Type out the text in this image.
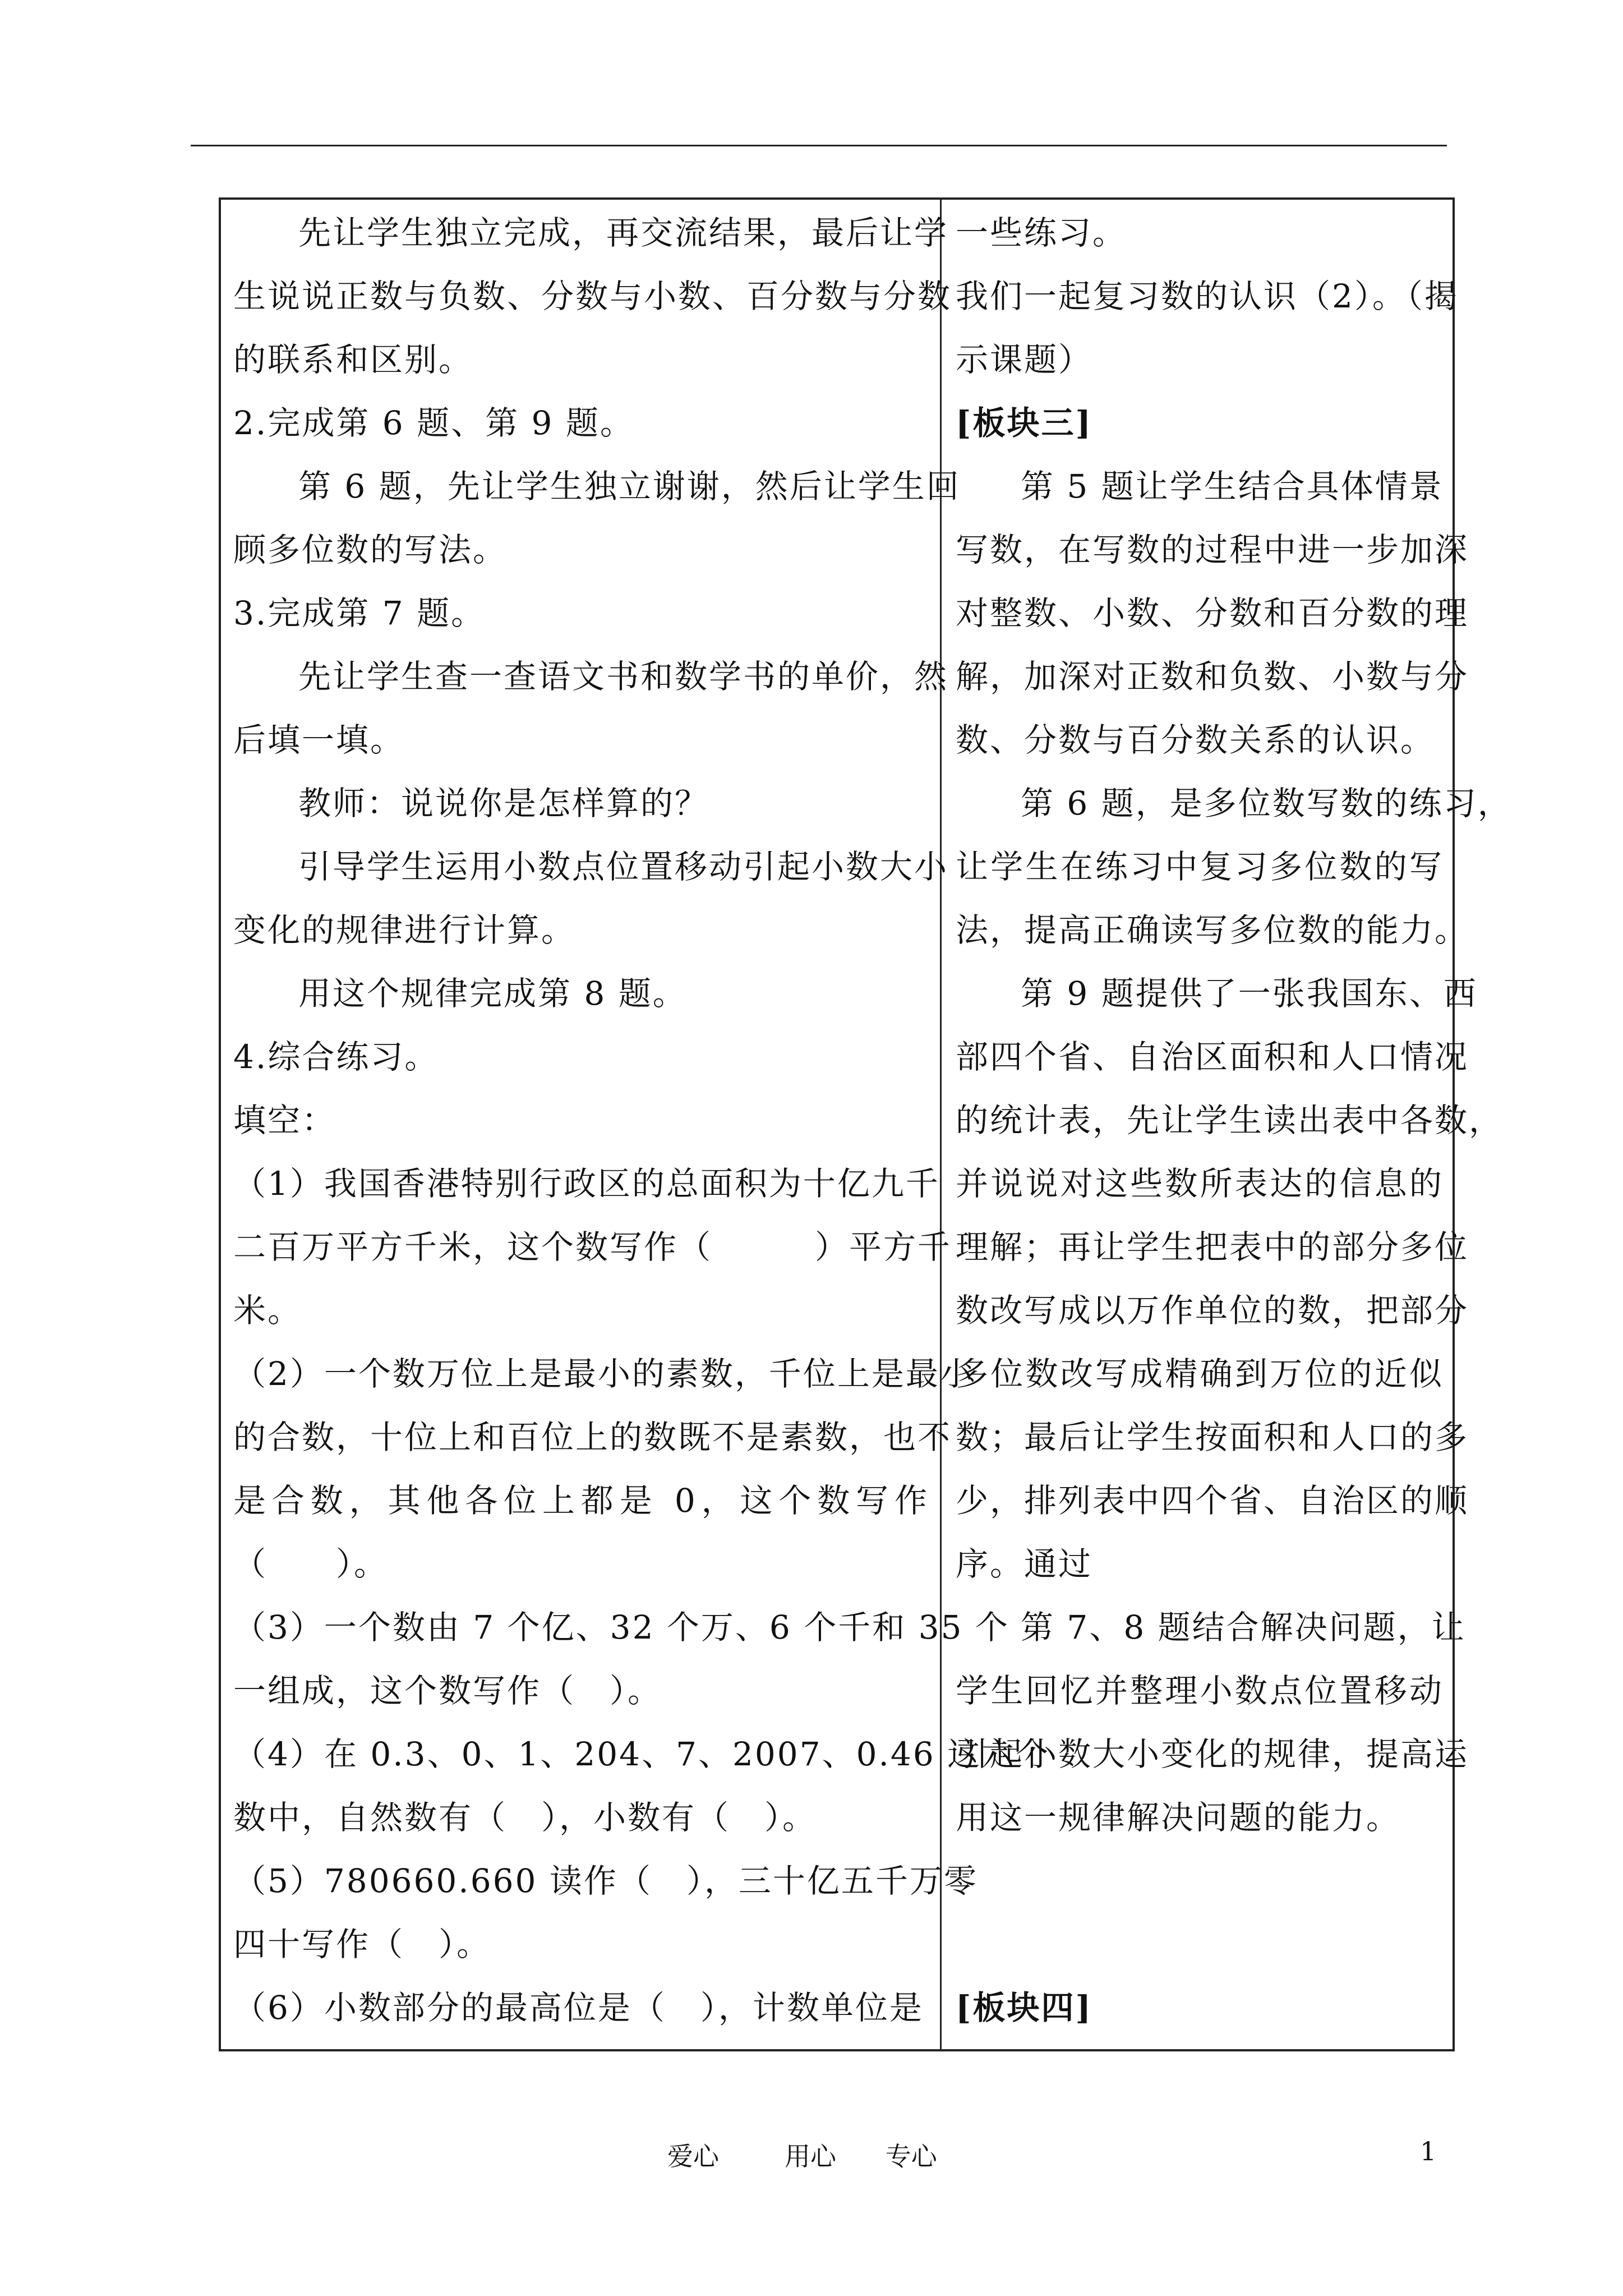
先让学生独立完成，再交流结果，最后让学
生说说正数与负数、分数与小数、百分数与分数
的联系和区别。
2.完成第 6 题、第 9 题。
第 6 题，先让学生独立谢谢，然后让学生回
顾多位数的写法。
3.完成第 7 题。
先让学生查一查语文书和数学书的单价，然
后填一填。
教师：说说你是怎样算的？
引导学生运用小数点位置移动引起小数大小
变化的规律进行计算。
用这个规律完成第 8 题。
4.综合练习。
填空：
（1）我国香港特别行政区的总面积为十亿九千
二百万平方千米，这个数写作（　　　）平方千
米。
（2）一个数万位上是最小的素数，千位上是最小
的合数，十位上和百位上的数既不是素数，也不
是合数，其他各位上都是 0，这个数写作
（　　）。
（3）一个数由 7 个亿、32 个万、6 个千和 35 个
一组成，这个数写作（　）。
（4）在 0.3、0、1、204、7、2007、0.46 这六个
数中，自然数有（　），小数有（　）。
（5）780660.660 读作（　），三十亿五千万零
四十写作（　）。
（6）小数部分的最高位是（　），计数单位是
一些练习。
我们一起复习数的认识（2）。（揭
示课题）
[板块三]
第 5 题让学生结合具体情景
写数，在写数的过程中进一步加深
对整数、小数、分数和百分数的理
解，加深对正数和负数、小数与分
数、分数与百分数关系的认识。
第 6 题，是多位数写数的练习，
让学生在练习中复习多位数的写
法，提高正确读写多位数的能力。
第 9 题提供了一张我国东、西
部四个省、自治区面积和人口情况
的统计表，先让学生读出表中各数，
并说说对这些数所表达的信息的
理解；再让学生把表中的部分多位
数改写成以万作单位的数，把部分
多位数改写成精确到万位的近似
数；最后让学生按面积和人口的多
少，排列表中四个省、自治区的顺
序。通过
第 7、8 题结合解决问题，让
学生回忆并整理小数点位置移动
引起小数大小变化的规律，提高运
用这一规律解决问题的能力。
[板块四]
爱心	用心 专心	1
